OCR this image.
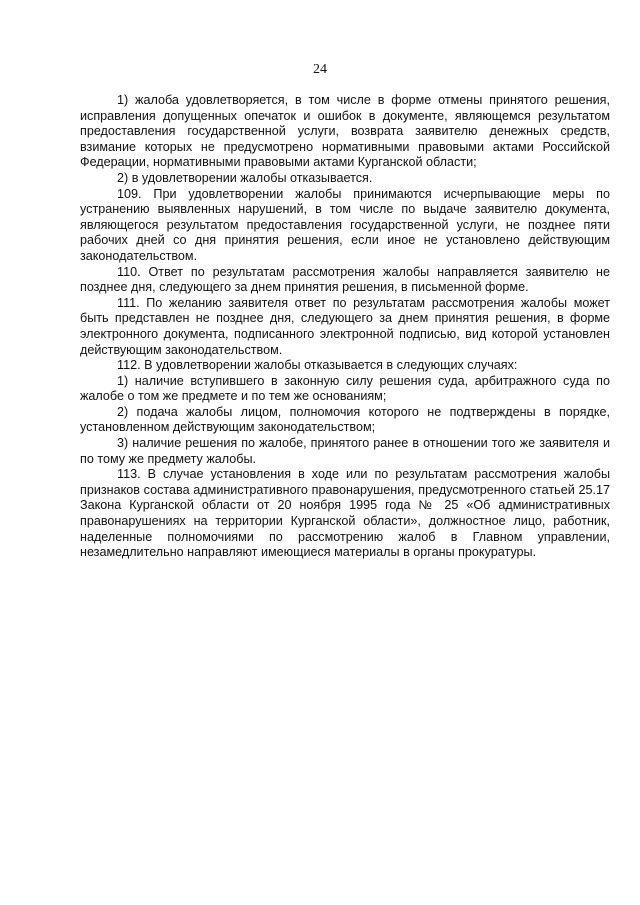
24

1) жалоба удовлетворяется, в том числе в форме отмены принятого решения, исправления допущенных опечаток и ошибок в документе, являющемся результатом предоставления государственной услуги, возврата заявителю денежных средств, взимание которых не предусмотрено нормативными правовыми актами Российской Федерации, нормативными правовыми актами Курганской области;

2) в удовлетворении жалобы отказывается.

109. При удовлетворении жалобы принимаются исчерпывающие меры по устранению выявленных нарушений, в том числе по выдаче заявителю документа, являющегося результатом предоставления государственной услуги, не позднее пяти рабочих дней со дня принятия решения, если иное не установлено действующим законодательством.

110. Ответ по результатам рассмотрения жалобы направляется заявителю не позднее дня, следующего за днем принятия решения, в письменной форме.

111. По желанию заявителя ответ по результатам рассмотрения жалобы может быть представлен не позднее дня, следующего за днем принятия решения, в форме электронного документа, подписанного электронной подписью, вид которой установлен действующим законодательством.

112. В удовлетворении жалобы отказывается в следующих случаях:

1) наличие вступившего в законную силу решения суда, арбитражного суда по жалобе о том же предмете и по тем же основаниям;

2) подача жалобы лицом, полномочия которого не подтверждены в порядке, установленном действующим законодательством;

3) наличие решения по жалобе, принятого ранее в отношении того же заявителя и по тому же предмету жалобы.

113. В случае установления в ходе или по результатам рассмотрения жалобы признаков состава административного правонарушения, предусмотренного статьей 25.17 Закона Курганской области от 20 ноября 1995 года № 25 «Об административных правонарушениях на территории Курганской области», должностное лицо, работник, наделенные полномочиями по рассмотрению жалоб в Главном управлении, незамедлительно направляют имеющиеся материалы в органы прокуратуры.
